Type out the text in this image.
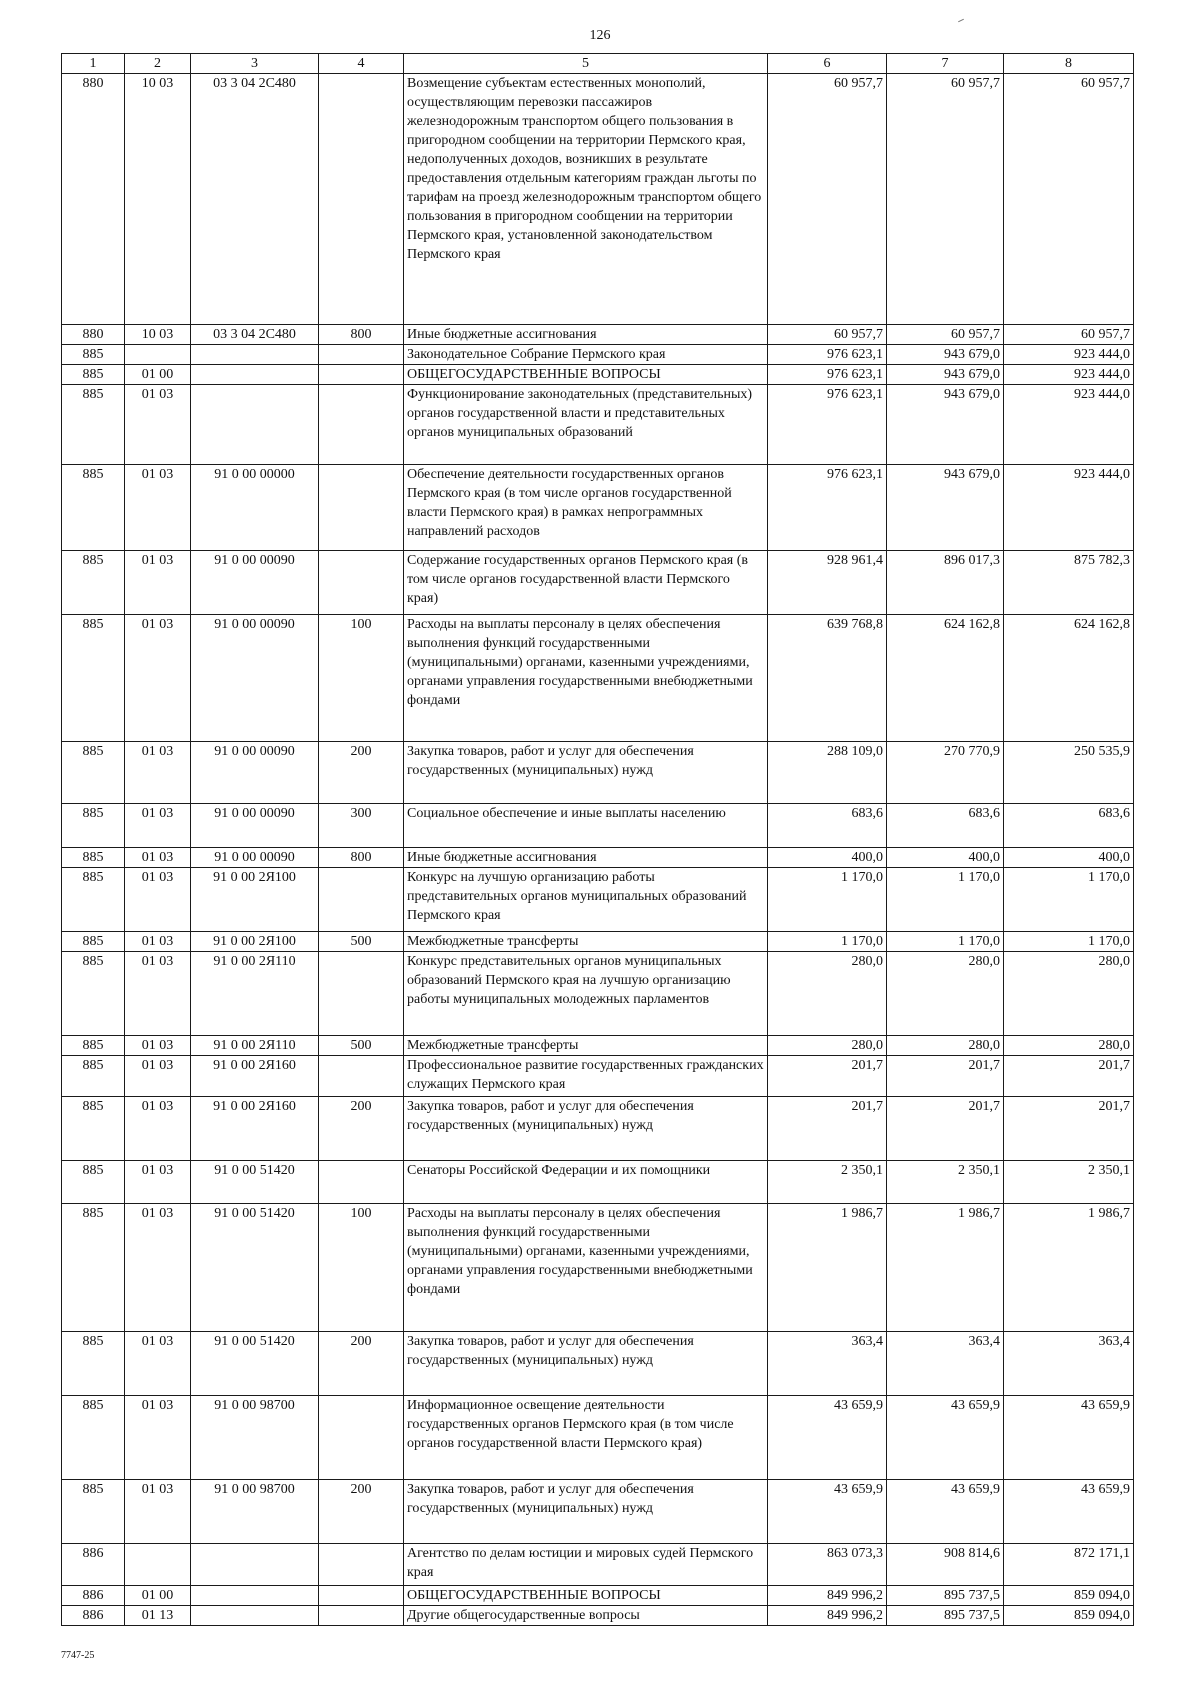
126
1	2	3	4	5	6	7	8
880	10 03	03 3 04 2С480		Возмещение субъектам естественных монополий, осуществляющим перевозки пассажиров железнодорожным транспортом общего пользования в пригородном сообщении на территории Пермского края, недополученных доходов, возникших в результате предоставления отдельным категориям граждан льготы по тарифам на проезд железнодорожным транспортом общего пользования в пригородном сообщении на территории Пермского края, установленной законодательством Пермского края	60 957,7	60 957,7	60 957,7
880	10 03	03 3 04 2С480	800	Иные бюджетные ассигнования	60 957,7	60 957,7	60 957,7
885				Законодательное Собрание Пермского края	976 623,1	943 679,0	923 444,0
885	01 00			ОБЩЕГОСУДАРСТВЕННЫЕ ВОПРОСЫ	976 623,1	943 679,0	923 444,0
885	01 03			Функционирование законодательных (представительных) органов государственной власти и представительных органов муниципальных образований	976 623,1	943 679,0	923 444,0
885	01 03	91 0 00 00000		Обеспечение деятельности государственных органов Пермского края (в том числе органов государственной власти Пермского края) в рамках непрограммных направлений расходов	976 623,1	943 679,0	923 444,0
885	01 03	91 0 00 00090		Содержание государственных органов Пермского края (в том числе органов государственной власти Пермского края)	928 961,4	896 017,3	875 782,3
885	01 03	91 0 00 00090	100	Расходы на выплаты персоналу в целях обеспечения выполнения функций государственными (муниципальными) органами, казенными учреждениями, органами управления государственными внебюджетными фондами	639 768,8	624 162,8	624 162,8
885	01 03	91 0 00 00090	200	Закупка товаров, работ и услуг для обеспечения государственных (муниципальных) нужд	288 109,0	270 770,9	250 535,9
885	01 03	91 0 00 00090	300	Социальное обеспечение и иные выплаты населению	683,6	683,6	683,6
885	01 03	91 0 00 00090	800	Иные бюджетные ассигнования	400,0	400,0	400,0
885	01 03	91 0 00 2Я100		Конкурс на лучшую организацию работы представительных органов муниципальных образований Пермского края	1 170,0	1 170,0	1 170,0
885	01 03	91 0 00 2Я100	500	Межбюджетные трансферты	1 170,0	1 170,0	1 170,0
885	01 03	91 0 00 2Я110		Конкурс представительных органов муниципальных образований Пермского края на лучшую организацию работы муниципальных молодежных парламентов	280,0	280,0	280,0
885	01 03	91 0 00 2Я110	500	Межбюджетные трансферты	280,0	280,0	280,0
885	01 03	91 0 00 2Я160		Профессиональное развитие государственных гражданских служащих Пермского края	201,7	201,7	201,7
885	01 03	91 0 00 2Я160	200	Закупка товаров, работ и услуг для обеспечения государственных (муниципальных) нужд	201,7	201,7	201,7
885	01 03	91 0 00 51420		Сенаторы Российской Федерации и их помощники	2 350,1	2 350,1	2 350,1
885	01 03	91 0 00 51420	100	Расходы на выплаты персоналу в целях обеспечения выполнения функций государственными (муниципальными) органами, казенными учреждениями, органами управления государственными внебюджетными фондами	1 986,7	1 986,7	1 986,7
885	01 03	91 0 00 51420	200	Закупка товаров, работ и услуг для обеспечения государственных (муниципальных) нужд	363,4	363,4	363,4
885	01 03	91 0 00 98700		Информационное освещение деятельности государственных органов Пермского края (в том числе органов государственной власти Пермского края)	43 659,9	43 659,9	43 659,9
885	01 03	91 0 00 98700	200	Закупка товаров, работ и услуг для обеспечения государственных (муниципальных) нужд	43 659,9	43 659,9	43 659,9
886				Агентство по делам юстиции и мировых судей Пермского края	863 073,3	908 814,6	872 171,1
886	01 00			ОБЩЕГОСУДАРСТВЕННЫЕ ВОПРОСЫ	849 996,2	895 737,5	859 094,0
886	01 13			Другие общегосударственные вопросы	849 996,2	895 737,5	859 094,0
7747-25
